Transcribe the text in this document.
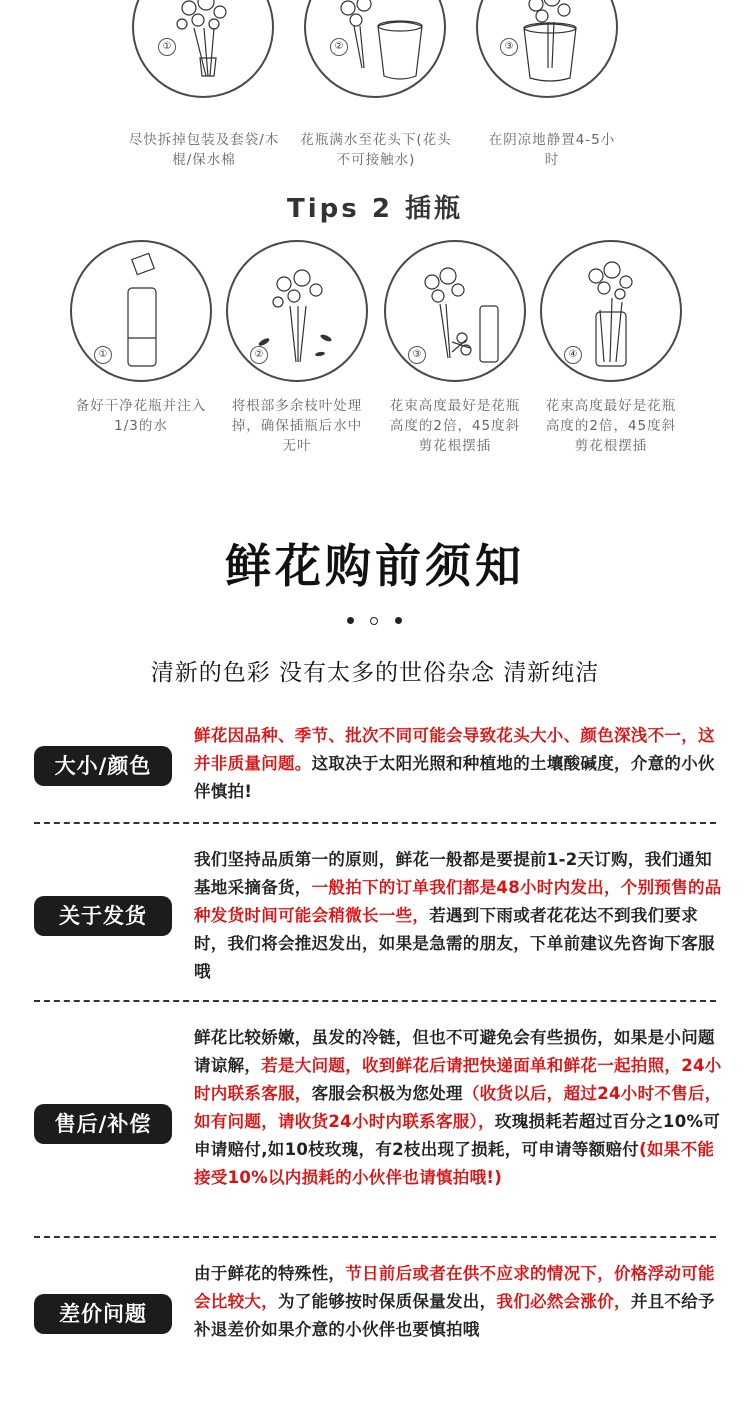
①	②	③
尽快拆掉包装及套袋/木棍/保水棉
花瓶满水至花头下(花头不可接触水)
在阴凉地静置4-5小时
Tips 2 插瓶
①	②	③	④
备好干净花瓶并注入 1/3的水
将根部多余枝叶处理掉，确保插瓶后水中无叶
花束高度最好是花瓶高度的2倍，45度斜剪花根摆插
花束高度最好是花瓶高度的2倍，45度斜剪花根摆插
鲜花购前须知
清新的色彩 没有太多的世俗杂念 清新纯洁
大小/颜色
鲜花因品种、季节、批次不同可能会导致花头大小、颜色深浅不一，这并非质量问题。这取决于太阳光照和种植地的土壤酸碱度，介意的小伙伴慎拍!
关于发货
我们坚持品质第一的原则，鲜花一般都是要提前1-2天订购，我们通知基地采摘备货，一般拍下的订单我们都是48小时内发出，个别预售的品种发货时间可能会稍微长一些，若遇到下雨或者花花达不到我们要求时，我们将会推迟发出，如果是急需的朋友，下单前建议先咨询下客服哦
售后/补偿
鲜花比较娇嫩，虽发的冷链，但也不可避免会有些损伤，如果是小问题请谅解，若是大问题，收到鲜花后请把快递面单和鲜花一起拍照，24小时内联系客服，客服会积极为您处理（收货以后，超过24小时不售后，如有问题，请收货24小时内联系客服），玫瑰损耗若超过百分之10%可申请赔付,如10枝玫瑰，有2枝出现了损耗，可申请等额赔付(如果不能接受10%以内损耗的小伙伴也请慎拍哦!)
差价问题
由于鲜花的特殊性，节日前后或者在供不应求的情况下，价格浮动可能会比较大，为了能够按时保质保量发出，我们必然会涨价，并且不给予补退差价如果介意的小伙伴也要慎拍哦
